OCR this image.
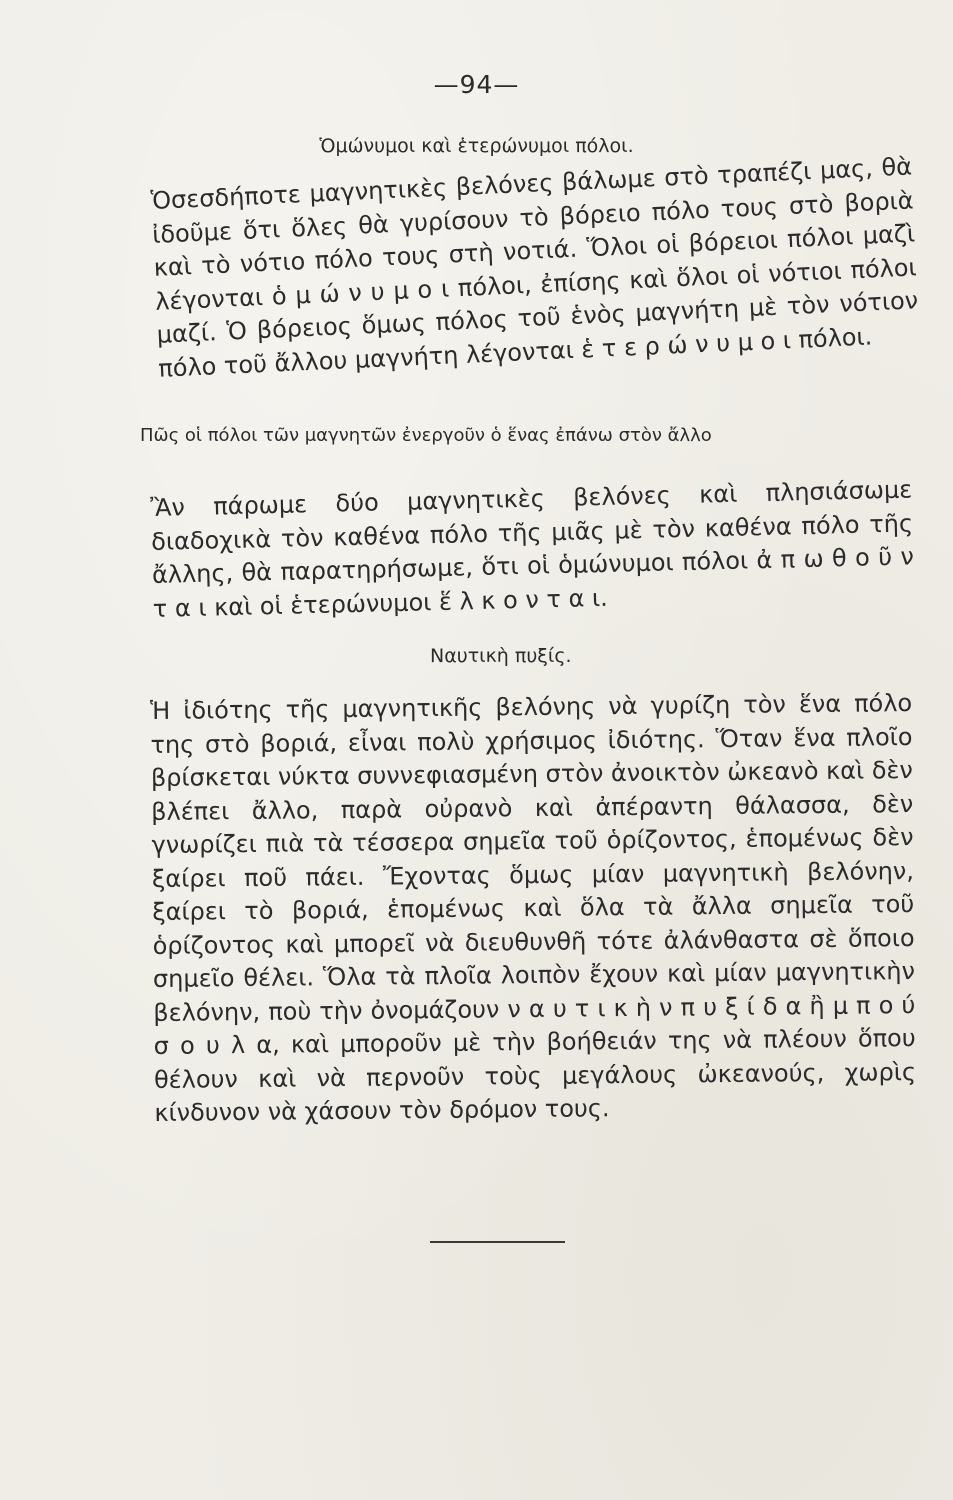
—94—
Ὁμώνυμοι καὶ ἑτερώνυμοι πόλοι.
Ὁσεσδήποτε μαγνητικὲς βελόνες βάλωμε στὸ τραπέζι μας, θὰ ἰδοῦμε ὅτι ὅλες θὰ γυρίσουν τὸ βόρειο πόλο τους στὸ βοριὰ καὶ τὸ νότιο πόλο τους στὴ νοτιά. Ὅλοι οἱ βόρειοι πόλοι μαζὶ λέγονται ὁ μ ώ ν υ μ ο ι πόλοι, ἐπίσης καὶ ὅλοι οἱ νότιοι πόλοι μαζί. Ὁ βόρειος ὅμως πόλος τοῦ ἑνὸς μαγνήτη μὲ τὸν νότιον πόλο τοῦ ἄλλου μαγνήτη λέγονται ἑ τ ε ρ ώ ν υ μ ο ι πόλοι.
Πῶς οἱ πόλοι τῶν μαγνητῶν ἐνεργοῦν ὁ ἕνας ἐπάνω στὸν ἄλλο
Ἂν πάρωμε δύο μαγνητικὲς βελόνες καὶ πλησιάσωμε διαδοχικὰ τὸν καθένα πόλο τῆς μιᾶς μὲ τὸν καθένα πόλο τῆς ἄλλης, θὰ παρατηρήσωμε, ὅτι οἱ ὁμώνυμοι πόλοι ἀ π ω θ ο ῦ ν τ α ι καὶ οἱ ἑτερώνυμοι ἕ λ κ ο ν τ α ι.
Ναυτικὴ πυξίς.
Ἡ ἰδιότης τῆς μαγνητικῆς βελόνης νὰ γυρίζη τὸν ἕνα πόλο της στὸ βοριά, εἶναι πολὺ χρήσιμος ἰδιότης. Ὅταν ἕνα πλοῖο βρίσκεται νύκτα συννεφιασμένη στὸν ἀνοικτὸν ὠκεανὸ καὶ δὲν βλέπει ἄλλο, παρὰ οὐρανὸ καὶ ἀπέραντη θάλασσα, δὲν γνωρίζει πιὰ τὰ τέσσερα σημεῖα τοῦ ὁρίζοντος, ἑπομένως δὲν ξαίρει ποῦ πάει. Ἔχοντας ὅμως μίαν μαγνητικὴ βελόνην, ξαίρει τὸ βοριά, ἑπομένως καὶ ὅλα τὰ ἄλλα σημεῖα τοῦ ὁρίζοντος καὶ μπορεῖ νὰ διευθυνθῆ τότε ἀλάνθαστα σὲ ὅποιο σημεῖο θέλει. Ὅλα τὰ πλοῖα λοιπὸν ἔχουν καὶ μίαν μαγνητικὴν βελόνην, ποὺ τὴν ὀνομάζουν ν α υ τ ι κ ὴ ν π υ ξ ί δ α ἢ μ π ο ύ σ ο υ λ α, καὶ μποροῦν μὲ τὴν βοήθειάν της νὰ πλέουν ὅπου θέλουν καὶ νὰ περνοῦν τοὺς μεγάλους ὠκεανούς, χωρὶς κίνδυνον νὰ χάσουν τὸν δρόμον τους.
